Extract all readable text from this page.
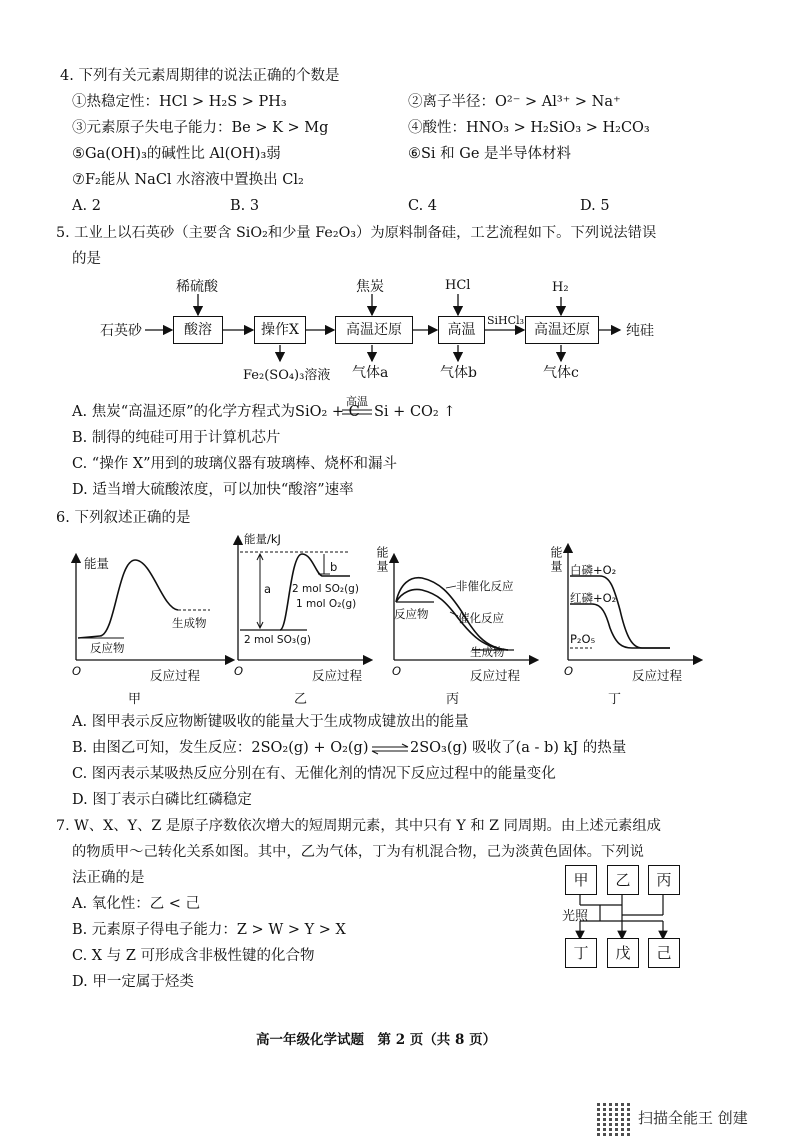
4. 下列有关元素周期律的说法正确的个数是
①热稳定性：HCl > H₂S > PH₃	②离子半径：O²⁻ > Al³⁺ > Na⁺
③元素原子失电子能力：Be > K > Mg	④酸性：HNO₃ > H₂SiO₃ > H₂CO₃
⑤Ga(OH)₃的碱性比 Al(OH)₃弱	⑥Si 和 Ge 是半导体材料
⑦F₂能从 NaCl 水溶液中置换出 Cl₂
A. 2	B. 3	C. 4	D. 5
5. 工业上以石英砂（主要含 SiO₂和少量 Fe₂O₃）为原料制备硅，工艺流程如下。下列说法错误
的是
石英砂	酸溶
稀硫酸
操作X
Fe₂(SO₄)₃溶液
高温还原
焦炭
气体a
高温
HCl
气体b
SiHCl₃
高温还原
H₂
气体c
纯硅
A. 焦炭“高温还原”的化学方程式为SiO₂ + C
高温
Si + CO₂ ↑
B. 制得的纯硅可用于计算机芯片
C. “操作 X”用到的玻璃仪器有玻璃棒、烧杯和漏斗
D. 适当增大硫酸浓度，可以加快“酸溶”速率
6. 下列叙述正确的是
能量
反应物
生成物
O	反应过程
甲
能量/kJ
a
b
2 mol SO₂(g)
1 mol O₂(g)
2 mol SO₃(g)
O	反应过程
乙
能量
非催化反应
反应物	催化反应
生成物
O	反应过程
丙
能量 白磷+O₂
红磷+O₂
P₂O₅
O	反应过程
丁
A. 图甲表示反应物断键吸收的能量大于生成物成键放出的能量
B. 由图乙可知，发生反应：2SO₂(g) + O₂(g)	2SO₃(g) 吸收了(a - b) kJ 的热量
C. 图丙表示某吸热反应分别在有、无催化剂的情况下反应过程中的能量变化
D. 图丁表示白磷比红磷稳定
7. W、X、Y、Z 是原子序数依次增大的短周期元素，其中只有 Y 和 Z 同周期。由上述元素组成
的物质甲～己转化关系如图。其中，乙为气体，丁为有机混合物，己为淡黄色固体。下列说
法正确的是
A. 氧化性：乙 < 己
B. 元素原子得电子能力：Z > W > Y > X
C. X 与 Z 可形成含非极性键的化合物
D. 甲一定属于烃类
甲	乙	丙
光照
丁	戊	己
高一年级化学试题　第 2 页（共 8 页）
扫描全能王 创建
